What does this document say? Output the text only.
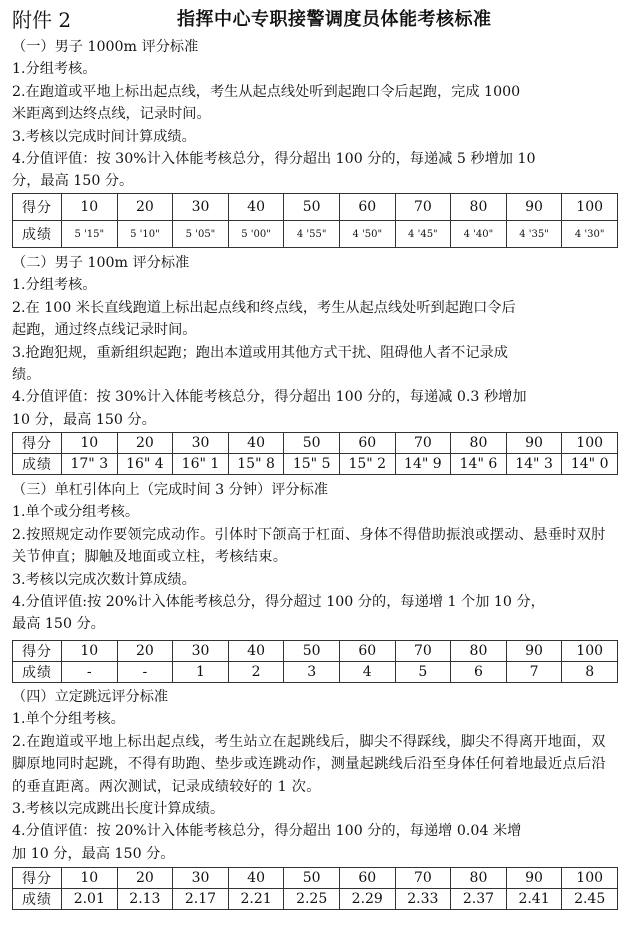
附件 2	指挥中心专职接警调度员体能考核标准
（一）男子 1000m 评分标准
1.分组考核。
2.在跑道或平地上标出起点线，考生从起点线处听到起跑口令后起跑，完成 1000
米距离到达终点线，记录时间。
3.考核以完成时间计算成绩。
4.分值评值：按 30%计入体能考核总分，得分超出 100 分的，每递减 5 秒增加 10
分，最高 150 分。
得分	10	20	30	40	50	60	70	80	90	100
成绩	5 '15"	5 '10"	5 '05"	5 '00"	4 '55"	4 '50"	4 '45"	4 '40"	4 '35"	4 '30"
（二）男子 100m 评分标准
1.分组考核。
2.在 100 米长直线跑道上标出起点线和终点线，考生从起点线处听到起跑口令后
起跑，通过终点线记录时间。
3.抢跑犯规，重新组织起跑；跑出本道或用其他方式干扰、阻碍他人者不记录成
绩。
4.分值评值：按 30%计入体能考核总分，得分超出 100 分的，每递减 0.3 秒增加
10 分，最高 150 分。
得分	10	20	30	40	50	60	70	80	90	100
成绩	17" 3	16" 4	16" 1	15" 8	15" 5	15" 2	14" 9	14" 6	14" 3	14" 0
（三）单杠引体向上（完成时间 3 分钟）评分标准
1.单个或分组考核。
2.按照规定动作要领完成动作。引体时下颌高于杠面、身体不得借助振浪或摆动、悬垂时双肘关节伸直；脚触及地面或立柱，考核结束。
3.考核以完成次数计算成绩。
4.分值评值:按 20%计入体能考核总分，得分超过 100 分的，每递增 1 个加 10 分，
最高 150 分。
得分	10	20	30	40	50	60	70	80	90	100
成绩	-	-	1	2	3	4	5	6	7	8
（四）立定跳远评分标准
1.单个分组考核。
2.在跑道或平地上标出起点线，考生站立在起跳线后，脚尖不得踩线，脚尖不得离开地面，双脚原地同时起跳，不得有助跑、垫步或连跳动作，测量起跳线后沿至身体任何着地最近点后沿的垂直距离。两次测试，记录成绩较好的 1 次。
3.考核以完成跳出长度计算成绩。
4.分值评值：按 20%计入体能考核总分，得分超出 100 分的，每递增 0.04 米增
加 10 分，最高 150 分。
得分	10	20	30	40	50	60	70	80	90	100
成绩	2.01	2.13	2.17	2.21	2.25	2.29	2.33	2.37	2.41	2.45
